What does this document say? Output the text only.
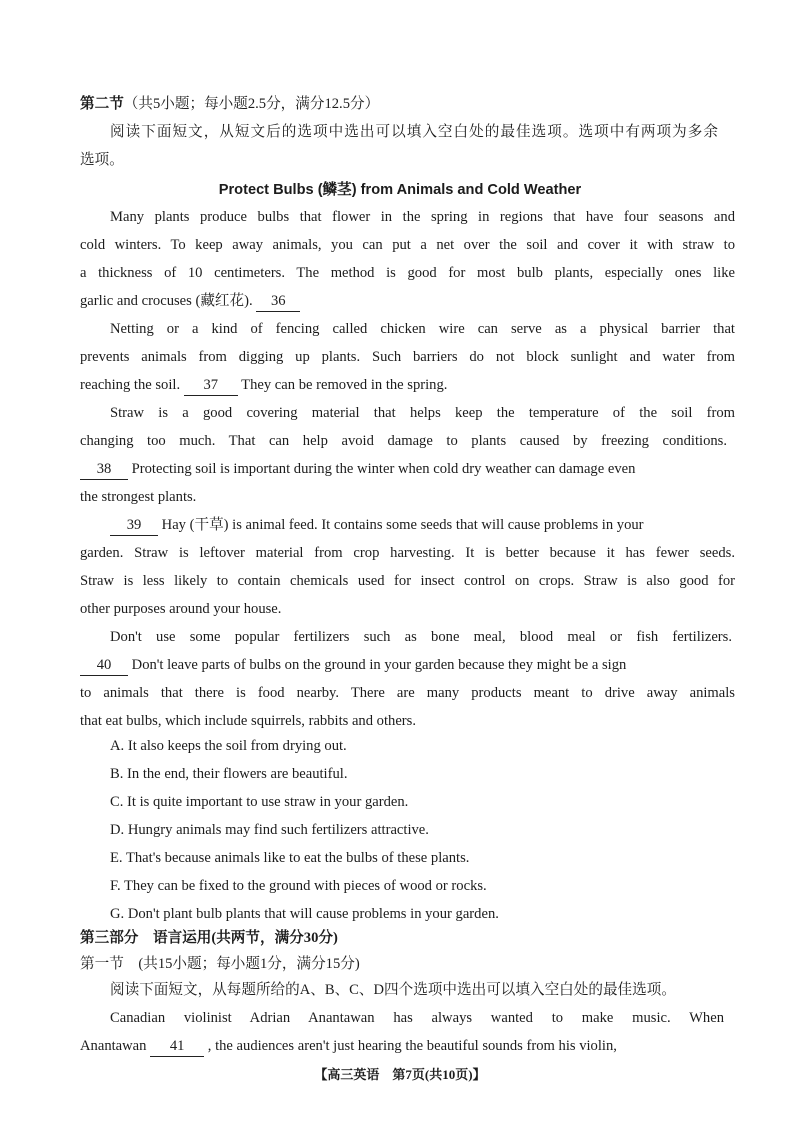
第二节（共5小题；每小题2.5分，满分12.5分）
阅读下面短文，从短文后的选项中选出可以填入空白处的最佳选项。选项中有两项为多余
选项。
Protect Bulbs (鳞茎) from Animals and Cold Weather
Many plants produce bulbs that flower in the spring in regions that have four seasons and
cold winters. To keep away animals, you can put a net over the soil and cover it with straw to
a thickness of 10 centimeters. The method is good for most bulb plants, especially ones like
garlic and crocuses (藏红花). 36
Netting or a kind of fencing called chicken wire can serve as a physical barrier that
prevents animals from digging up plants. Such barriers do not block sunlight and water from
reaching the soil. 37 They can be removed in the spring.
Straw is a good covering material that helps keep the temperature of the soil from
changing too much. That can help avoid damage to plants caused by freezing conditions.
38 Protecting soil is important during the winter when cold dry weather can damage even
the strongest plants.
39 Hay (干草) is animal feed. It contains some seeds that will cause problems in your
garden. Straw is leftover material from crop harvesting. It is better because it has fewer seeds.
Straw is less likely to contain chemicals used for insect control on crops. Straw is also good for
other purposes around your house.
Don't use some popular fertilizers such as bone meal, blood meal or fish fertilizers.
40 Don't leave parts of bulbs on the ground in your garden because they might be a sign
to animals that there is food nearby. There are many products meant to drive away animals
that eat bulbs, which include squirrels, rabbits and others.
A. It also keeps the soil from drying out.
B. In the end, their flowers are beautiful.
C. It is quite important to use straw in your garden.
D. Hungry animals may find such fertilizers attractive.
E. That's because animals like to eat the bulbs of these plants.
F. They can be fixed to the ground with pieces of wood or rocks.
G. Don't plant bulb plants that will cause problems in your garden.
第三部分　语言运用(共两节，满分30分)
第一节　(共15小题；每小题1分，满分15分)
阅读下面短文，从每题所给的A、B、C、D四个选项中选出可以填入空白处的最佳选项。
Canadian violinist Adrian Anantawan has always wanted to make music. When
Anantawan 41 , the audiences aren't just hearing the beautiful sounds from his violin,
【高三英语　第7页(共10页)】
